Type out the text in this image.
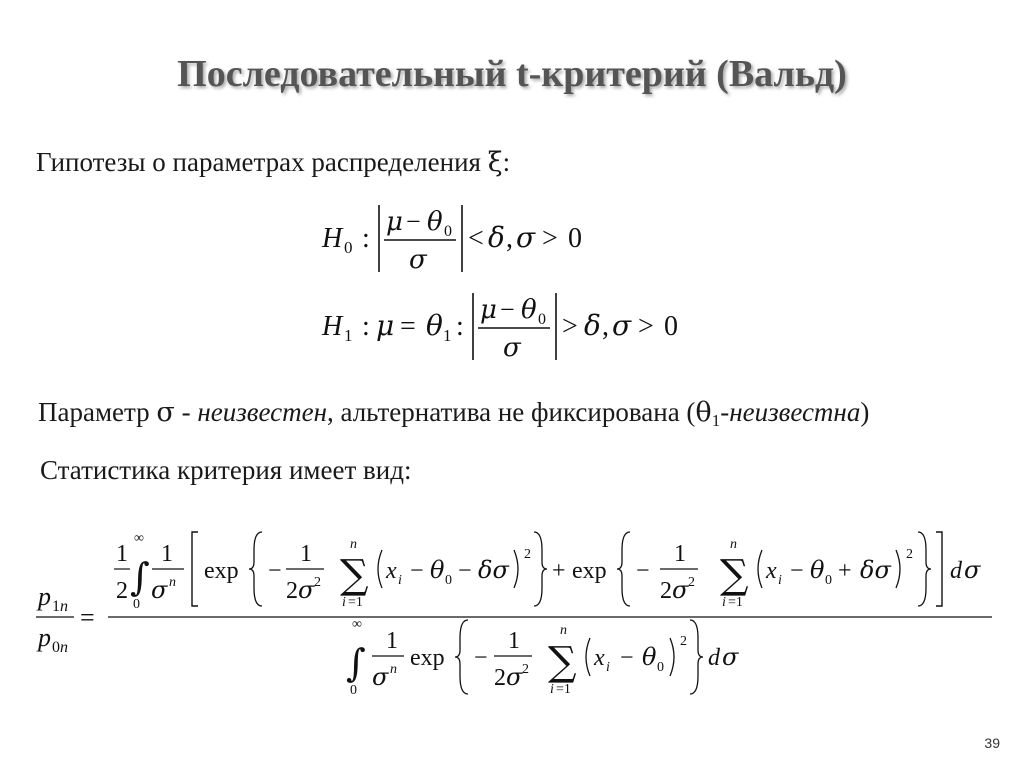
Последовательный t-критерий (Вальд)
Гипотезы о параметрах распределения ξ:
H 0 :
μ − θ 0
σ
< δ , σ > 0
H 1 : μ = θ 1 :
μ − θ 0
σ
> δ , σ > 0
Параметр σ - неизвестен, альтернатива не фиксирована $(\theta_1-неизвестна)$
Статистика критерия имеет вид:
p 1 n
p 0 n
=
1
2 ∫
∞
0
1
σ n exp −
1
2 σ 2
n
∑
i =1
x i − θ 0 − δσ
2
+ exp −
1
2 σ 2
n
∑
i =1
x i − θ 0 + δσ
2
d σ
∫
∞
0
1
σ n exp −
1
2 σ 2
n
∑
i =1
x i − θ 0
2
d σ
39
